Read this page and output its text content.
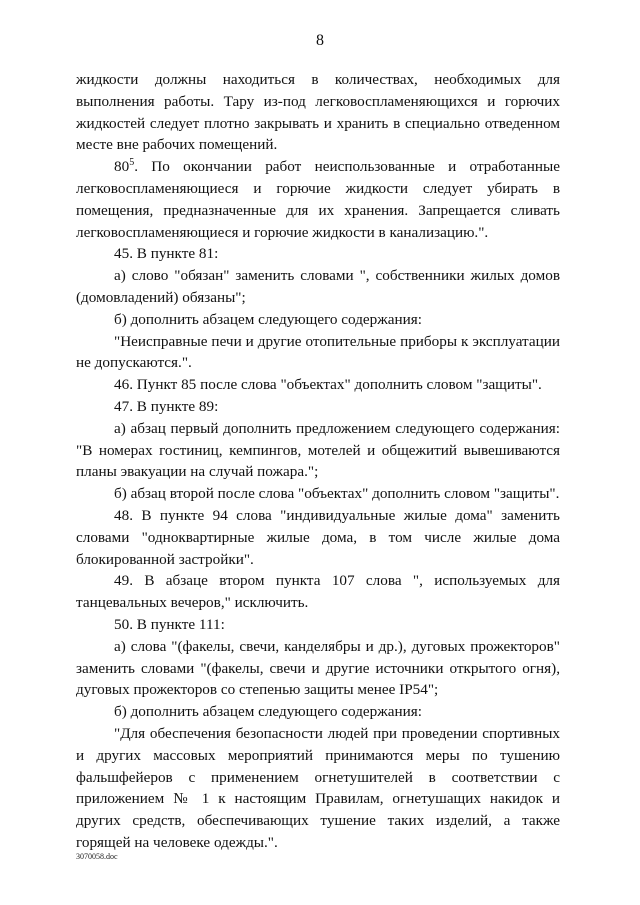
8

жидкости должны находиться в количествах, необходимых для выполнения работы. Тару из-под легковоспламеняющихся и горючих жидкостей следует плотно закрывать и хранить в специально отведенном месте вне рабочих помещений.

$80^5$. По окончании работ неиспользованные и отработанные легковоспламеняющиеся и горючие жидкости следует убирать в помещения, предназначенные для их хранения. Запрещается сливать легковоспламеняющиеся и горючие жидкости в канализацию.".

45. В пункте 81:

а) слово "обязан" заменить словами ", собственники жилых домов (домовладений) обязаны";

б) дополнить абзацем следующего содержания:

"Неисправные печи и другие отопительные приборы к эксплуатации не допускаются.".

46. Пункт 85 после слова "объектах" дополнить словом "защиты".

47. В пункте 89:

а) абзац первый дополнить предложением следующего содержания: "В номерах гостиниц, кемпингов, мотелей и общежитий вывешиваются планы эвакуации на случай пожара.";

б) абзац второй после слова "объектах" дополнить словом "защиты".

48. В пункте 94 слова "индивидуальные жилые дома" заменить словами "одноквартирные жилые дома, в том числе жилые дома блокированной застройки".

49. В абзаце втором пункта 107 слова ", используемых для танцевальных вечеров," исключить.

50. В пункте 111:

а) слова "(факелы, свечи, канделябры и др.), дуговых прожекторов" заменить словами "(факелы, свечи и другие источники открытого огня), дуговых прожекторов со степенью защиты менее IP54";

б) дополнить абзацем следующего содержания:

"Для обеспечения безопасности людей при проведении спортивных и других массовых мероприятий принимаются меры по тушению фальшфейеров с применением огнетушителей в соответствии с приложением № 1 к настоящим Правилам, огнетушащих накидок и других средств, обеспечивающих тушение таких изделий, а также горящей на человеке одежды.".

3070058.doc
